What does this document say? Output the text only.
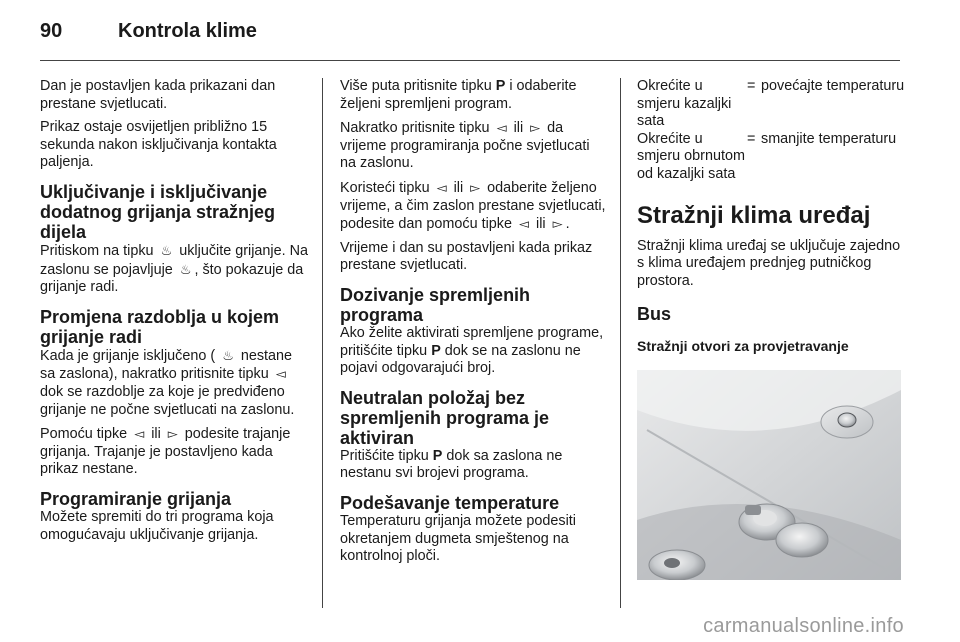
90	Kontrola klime

Dan je postavljen kada prikazani dan prestane svjetlucati.

Prikaz ostaje osvijetljen približno 15 sekunda nakon isključivanja kontakta paljenja.

Uključivanje i isključivanje dodatnog grijanja stražnjeg dijela

Pritiskom na tipku ♨ uključite grijanje. Na zaslonu se pojavljuje ♨ , što pokazuje da grijanje radi.

Promjena razdoblja u kojem grijanje radi

Kada je grijanje isključeno ( ♨ nestane sa zaslona), nakratko pritisnite tipku ◅ dok se razdoblje za koje je predviđeno grijanje ne počne svjetlucati na zaslonu.

Pomoću tipke ◅ ili ▻ podesite trajanje grijanja. Trajanje je postavljeno kada prikaz nestane.

Programiranje grijanja

Možete spremiti do tri programa koja omogućavaju uključivanje grijanja.

Više puta pritisnite tipku P i odaberite željeni spremljeni program.

Nakratko pritisnite tipku ◅ ili ▻ da vrijeme programiranja počne svjetlucati na zaslonu.

Koristeći tipku ◅ ili ▻ odaberite željeno vrijeme, a čim zaslon prestane svjetlucati, podesite dan pomoću tipke ◅ ili ▻ .

Vrijeme i dan su postavljeni kada prikaz prestane svjetlucati.

Dozivanje spremljenih programa

Ako želite aktivirati spremljene programe, pritišćite tipku P dok se na zaslonu ne pojavi odgovarajući broj.

Neutralan položaj bez spremljenih programa je aktiviran

Pritišćite tipku P dok sa zaslona ne nestanu svi brojevi programa.

Podešavanje temperature

Temperaturu grijanja možete podesiti okretanjem dugmeta smještenog na kontrolnoj ploči.

Okrećite u smjeru kazaljki sata	=	povećajte temperaturu
Okrećite u smjeru obrnutom od kazaljki sata	=	smanjite temperaturu
Stražnji klima uređaj

Stražnji klima uređaj se uključuje zajedno s klima uređajem prednjeg putničkog prostora.

Bus
Stražnji otvori za provjetravanje
carmanualsonline.info
